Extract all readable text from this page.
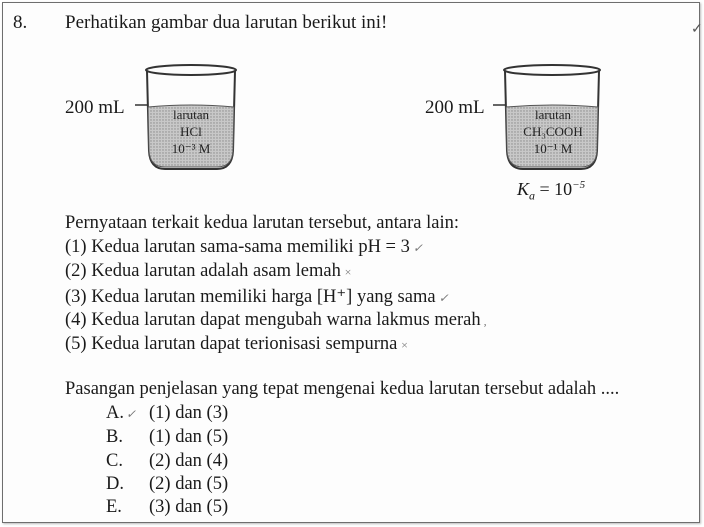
8. Perhatikan gambar dua larutan berikut ini!	✓
200 mL	larutan
HCl
10⁻³ M
200 mL	larutan
CH₃COOH
10⁻¹ M
$K_a = 10^{-5}$
Pernyataan terkait kedua larutan tersebut, antara lain:
(1) Kedua larutan sama-sama memiliki pH = 3 ✓
(2) Kedua larutan adalah asam lemah ×
(3) Kedua larutan memiliki harga [H⁺] yang sama ✓
(4) Kedua larutan dapat mengubah warna lakmus merah ,
(5) Kedua larutan dapat terionisasi sempurna ×
Pasangan penjelasan yang tepat mengenai kedua larutan tersebut adalah ....
A. ✓ (1) dan (3)
B. (1) dan (5)
C. (2) dan (4)
D. (2) dan (5)
E. (3) dan (5)
